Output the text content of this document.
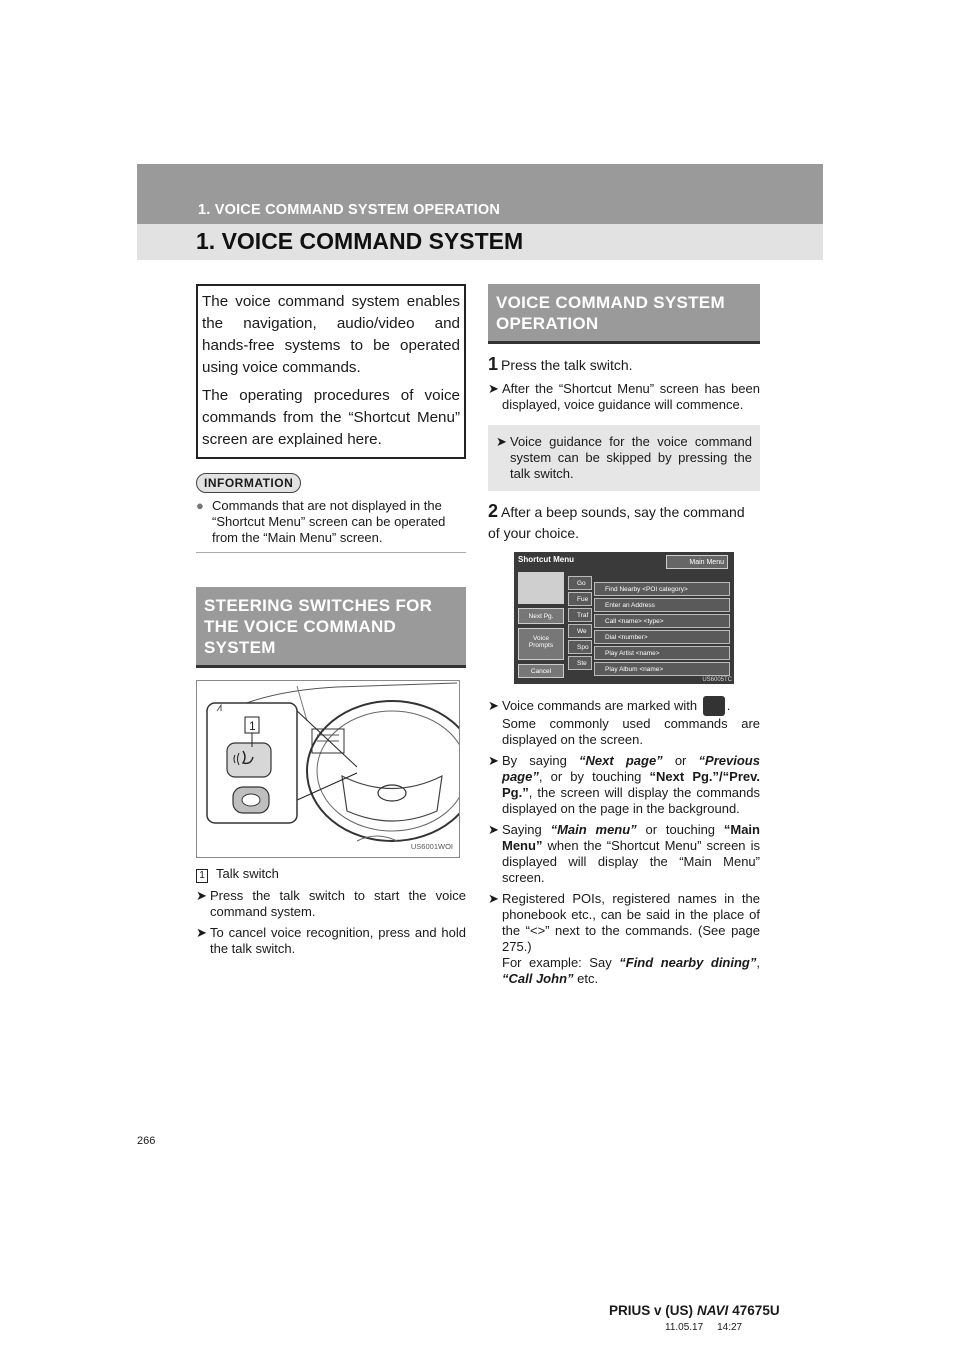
1. VOICE COMMAND SYSTEM OPERATION
1. VOICE COMMAND SYSTEM

The voice command system enables the navigation, audio/video and hands-free systems to be operated using voice commands.

The operating procedures of voice commands from the “Shortcut Menu” screen are explained here.

INFORMATION
● Commands that are not displayed in the “Shortcut Menu” screen can be operated from the “Main Menu” screen.
STEERING SWITCHES FOR THE VOICE COMMAND SYSTEM
1
US6001WOI
1 Talk switch
➤ Press the talk switch to start the voice command system.
➤ To cancel voice recognition, press and hold the talk switch.
VOICE COMMAND SYSTEM OPERATION
1 Press the talk switch.
➤ After the “Shortcut Menu” screen has been displayed, voice guidance will commence.
➤ Voice guidance for the voice command system can be skipped by pressing the talk switch.
2 After a beep sounds, say the command of your choice.
Shortcut Menu	Main Menu
Next Pg.
Voice
Prompts
Cancel
Go
Fue
Traf
We
Spo
Ste
Find Nearby <POI category>
Enter an Address
Call <name> <type>
Dial <number>
Play Artist <name>
Play Album <name>
US6005TC
➤ Voice commands are marked with .
Some commonly used commands are displayed on the screen.
➤ By saying “Next page” or “Previous page”, or by touching “Next Pg.”/“Prev. Pg.”, the screen will display the commands displayed on the page in the background.
➤ Saying “Main menu” or touching “Main Menu” when the “Shortcut Menu” screen is displayed will display the “Main Menu” screen.
➤ Registered POIs, registered names in the phonebook etc., can be said in the place of the “<>” next to the commands. (See page 275.)
For example: Say “Find nearby dining”, “Call John” etc.
266
PRIUS v (US) NAVI 47675U
11.05.17     14:27
